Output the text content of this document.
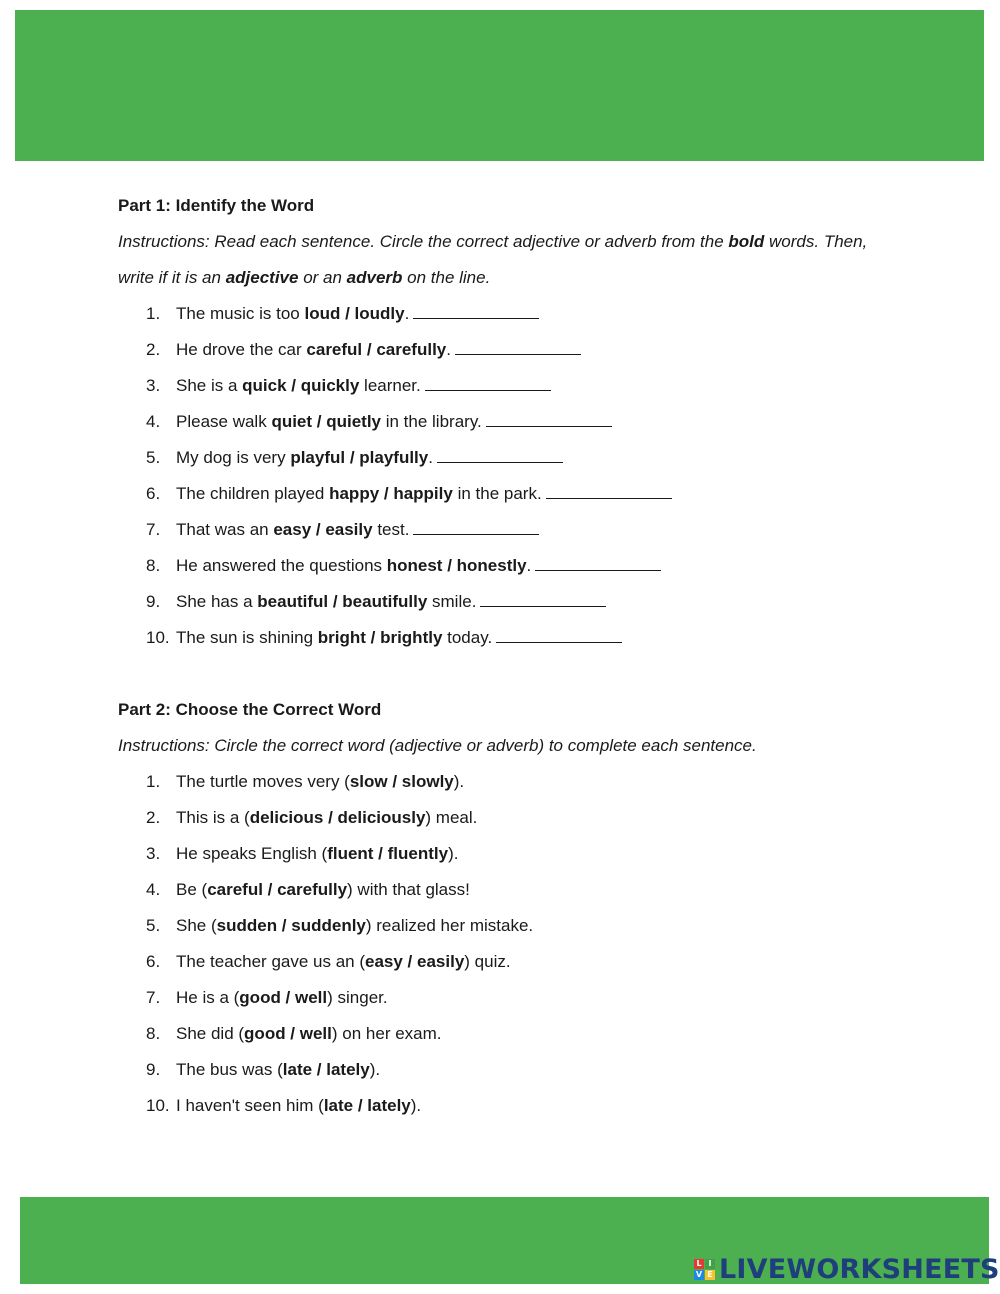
Part 1: Identify the Word
Instructions: Read each sentence. Circle the correct adjective or adverb from the bold words. Then, write if it is an adjective or an adverb on the line.
1. The music is too loud / loudly.
2. He drove the car careful / carefully.
3. She is a quick / quickly learner.
4. Please walk quiet / quietly in the library.
5. My dog is very playful / playfully.
6. The children played happy / happily in the park.
7. That was an easy / easily test.
8. He answered the questions honest / honestly.
9. She has a beautiful / beautifully smile.
10. The sun is shining bright / brightly today.
Part 2: Choose the Correct Word
Instructions: Circle the correct word (adjective or adverb) to complete each sentence.
1. The turtle moves very (slow / slowly).
2. This is a (delicious / deliciously) meal.
3. He speaks English (fluent / fluently).
4. Be (careful / carefully) with that glass!
5. She (sudden / suddenly) realized her mistake.
6. The teacher gave us an (easy / easily) quiz.
7. He is a (good / well) singer.
8. She did (good / well) on her exam.
9. The bus was (late / lately).
10. I haven't seen him (late / lately).
L I
V E LIVEWORKSHEETS
